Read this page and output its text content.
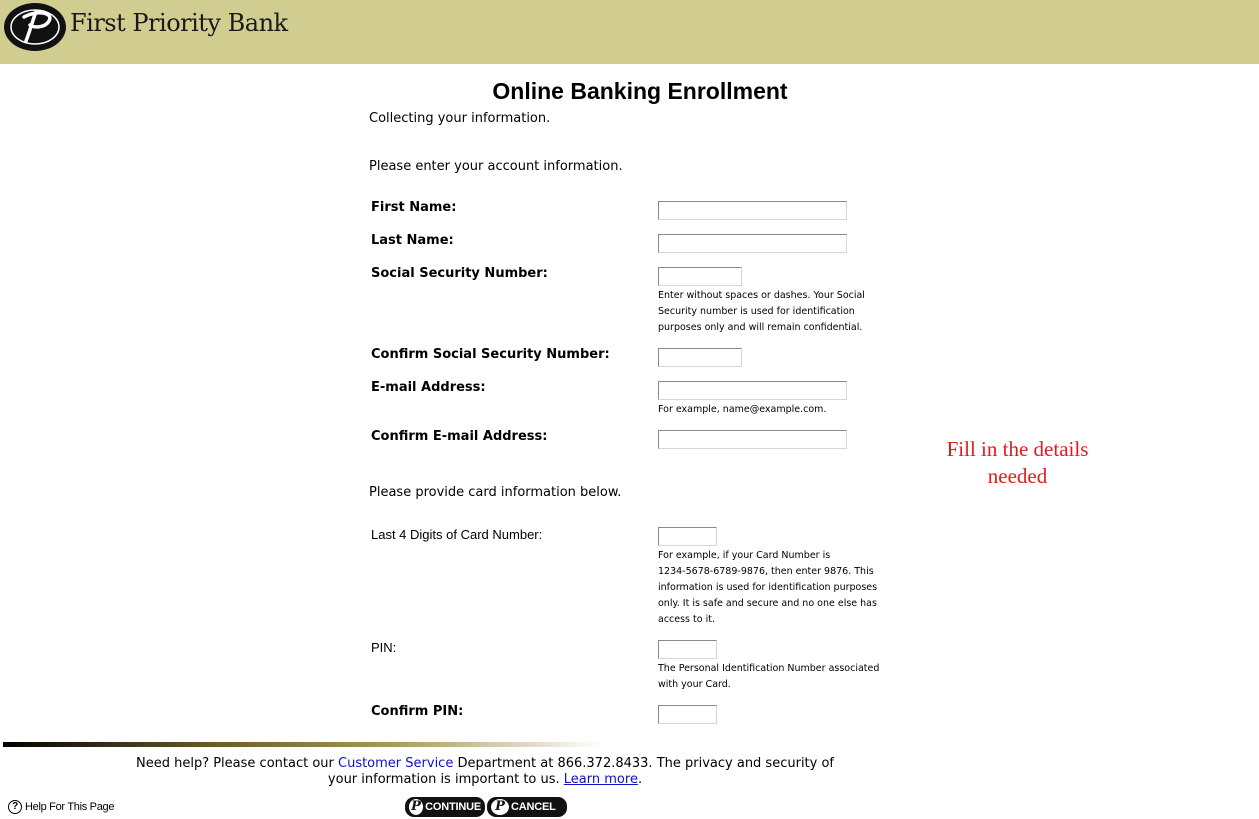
First Priority Bank
Online Banking Enrollment
Collecting your information.
Please enter your account information.
First Name:
Last Name:
Social Security Number:
Enter without spaces or dashes. Your Social
Security number is used for identification
purposes only and will remain confidential.
Confirm Social Security Number:
E-mail Address:
For example, name@example.com.
Confirm E-mail Address:
Fill in the details
needed
Please provide card information below.
Last 4 Digits of Card Number:
For example, if your Card Number is
1234-5678-6789-9876, then enter 9876. This
information is used for identification purposes
only. It is safe and secure and no one else has
access to it.
PIN:
The Personal Identification Number associated
with your Card.
Confirm PIN:
Need help? Please contact our Customer Service Department at 866.372.8433. The privacy and security of
your information is important to us. Learn more.
? Help For This Page	P CONTINUE	P CANCEL
